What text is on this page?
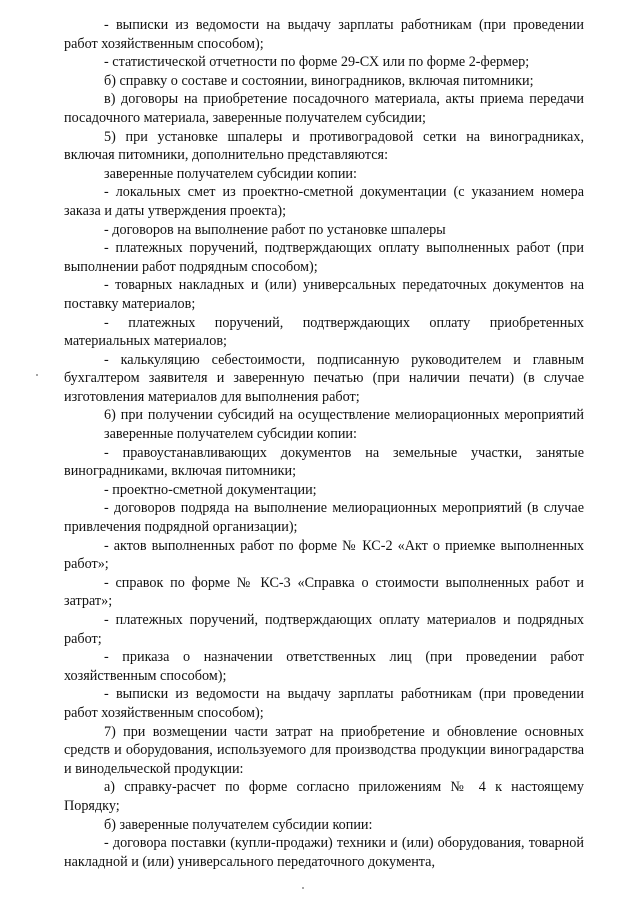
- выписки из ведомости на выдачу зарплаты работникам (при проведении работ хозяйственным способом);

- статистической отчетности по форме 29-СХ или по форме 2-фермер;

б) справку о составе и состоянии, виноградников, включая питомники;

в) договоры на приобретение посадочного материала, акты приема передачи посадочного материала, заверенные получателем субсидии;

5) при установке шпалеры и противоградовой сетки на виноградниках, включая питомники, дополнительно представляются:

заверенные получателем субсидии копии:

- локальных смет из проектно-сметной документации (с указанием номера заказа и даты утверждения проекта);

- договоров на выполнение работ по установке шпалеры

- платежных поручений, подтверждающих оплату выполненных работ (при выполнении работ подрядным способом);

- товарных накладных и (или) универсальных передаточных документов на поставку материалов;

- платежных поручений, подтверждающих оплату приобретенных материальных материалов;

- калькуляцию себестоимости, подписанную руководителем и главным бухгалтером заявителя и заверенную печатью (при наличии печати) (в случае изготовления материалов для выполнения работ;

6) при получении субсидий на осуществление мелиорационных мероприятий

заверенные получателем субсидии копии:

- правоустанавливающих документов на земельные участки, занятые виноградниками, включая питомники;

- проектно-сметной документации;

- договоров подряда на выполнение мелиорационных мероприятий (в случае привлечения подрядной организации);

- актов выполненных работ по форме № КС-2 «Акт о приемке выполненных работ»;

- справок по форме № КС-3 «Справка о стоимости выполненных работ и затрат»;

- платежных поручений, подтверждающих оплату материалов и подрядных работ;

- приказа о назначении ответственных лиц (при проведении работ хозяйственным способом);

- выписки из ведомости на выдачу зарплаты работникам (при проведении работ хозяйственным способом);

7) при возмещении части затрат на приобретение и обновление основных средств и оборудования, используемого для производства продукции виноградарства и винодельческой продукции:

а) справку-расчет по форме согласно приложениям № 4 к настоящему Порядку;

б) заверенные получателем субсидии копии:

- договора поставки (купли-продажи) техники и (или) оборудования, товарной накладной и (или) универсального передаточного документа,
